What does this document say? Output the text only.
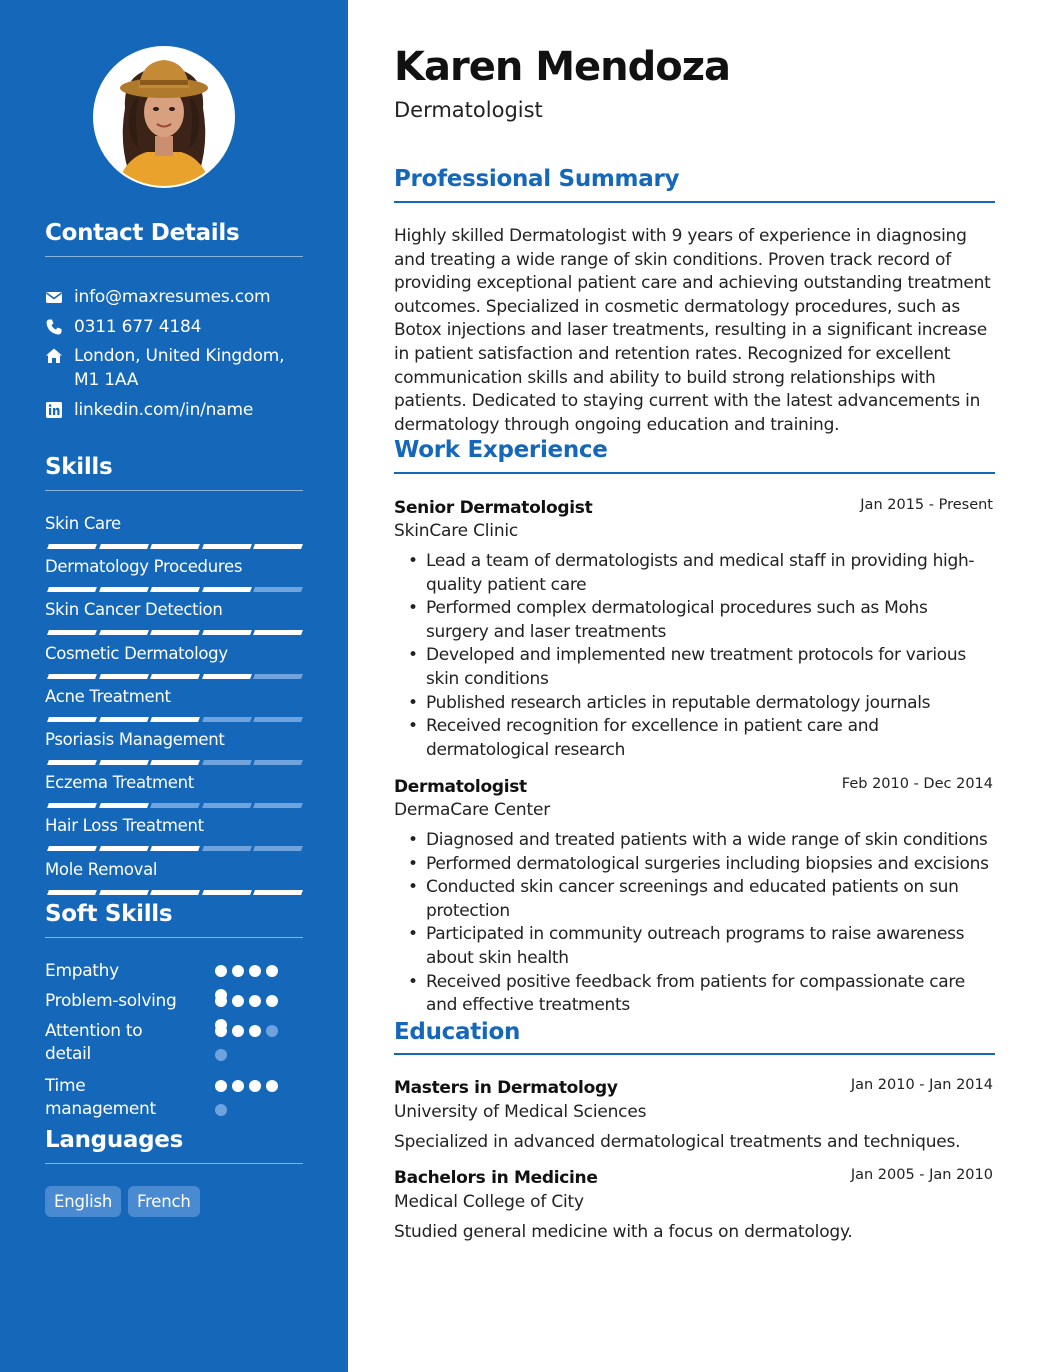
Contact Details
info@maxresumes.com
0311 677 4184
London, United Kingdom, M1 1AA
linkedin.com/in/name
Skills
Skin Care
Dermatology Procedures
Skin Cancer Detection
Cosmetic Dermatology
Acne Treatment
Psoriasis Management
Eczema Treatment
Hair Loss Treatment
Mole Removal
Soft Skills
Empathy
Problem-solving
Attention to detail
Time management
Languages
English	French
Karen Mendoza
Dermatologist
Professional Summary
Highly skilled Dermatologist with 9 years of experience in diagnosing and treating a wide range of skin conditions. Proven track record of providing exceptional patient care and achieving outstanding treatment outcomes. Specialized in cosmetic dermatology procedures, such as Botox injections and laser treatments, resulting in a significant increase in patient satisfaction and retention rates. Recognized for excellent communication skills and ability to build strong relationships with patients. Dedicated to staying current with the latest advancements in dermatology through ongoing education and training.
Work Experience
Senior Dermatologist	Jan 2015 - Present
SkinCare Clinic
• Lead a team of dermatologists and medical staff in providing high-quality patient care
• Performed complex dermatological procedures such as Mohs surgery and laser treatments
• Developed and implemented new treatment protocols for various skin conditions
• Published research articles in reputable dermatology journals
• Received recognition for excellence in patient care and dermatological research
Dermatologist	Feb 2010 - Dec 2014
DermaCare Center
• Diagnosed and treated patients with a wide range of skin conditions
• Performed dermatological surgeries including biopsies and excisions
• Conducted skin cancer screenings and educated patients on sun protection
• Participated in community outreach programs to raise awareness about skin health
• Received positive feedback from patients for compassionate care and effective treatments
Education
Masters in Dermatology	Jan 2010 - Jan 2014
University of Medical Sciences
Specialized in advanced dermatological treatments and techniques.
Bachelors in Medicine	Jan 2005 - Jan 2010
Medical College of City
Studied general medicine with a focus on dermatology.
